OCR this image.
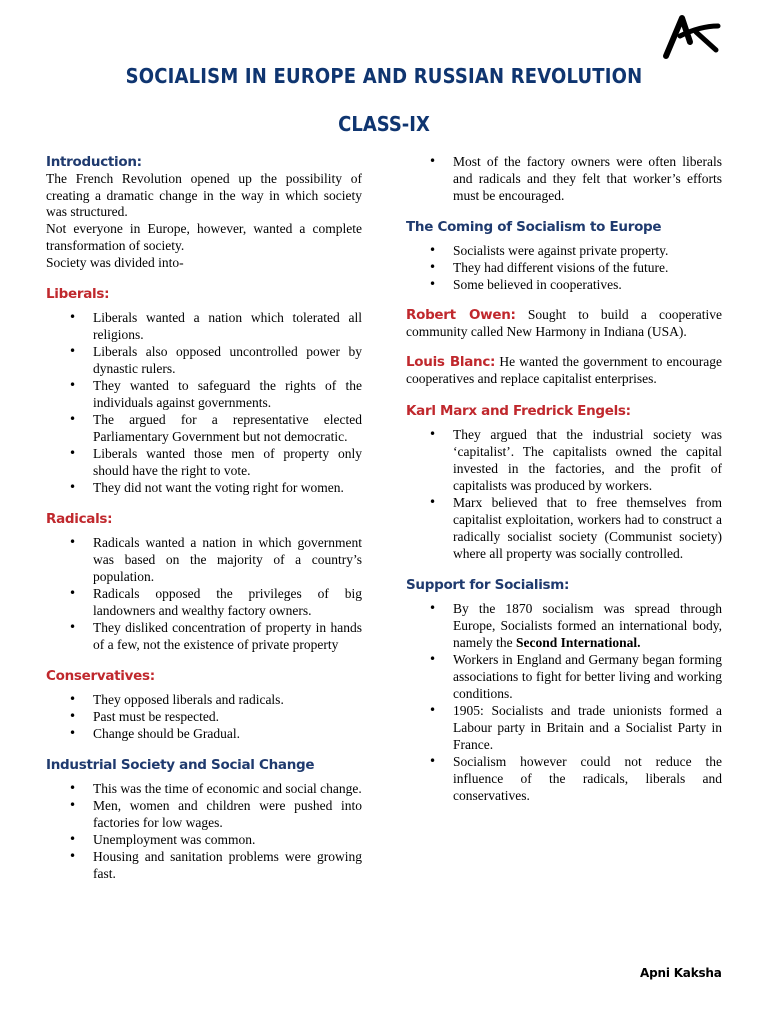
SOCIALISM IN EUROPE AND RUSSIAN REVOLUTION
CLASS-IX
Introduction:
The French Revolution opened up the possibility of creating a dramatic change in the way in which society was structured.
Not everyone in Europe, however, wanted a complete transformation of society.
Society was divided into-
Liberals:
• Liberals wanted a nation which tolerated all religions.
• Liberals also opposed uncontrolled power by dynastic rulers.
• They wanted to safeguard the rights of the individuals against governments.
• The argued for a representative elected Parliamentary Government but not democratic.
• Liberals wanted those men of property only should have the right to vote.
• They did not want the voting right for women.
Radicals:
• Radicals wanted a nation in which government was based on the majority of a country’s population.
• Radicals opposed the privileges of big landowners and wealthy factory owners.
• They disliked concentration of property in hands of a few, not the existence of private property
Conservatives:
• They opposed liberals and radicals.
• Past must be respected.
• Change should be Gradual.
Industrial Society and Social Change
• This was the time of economic and social change.
• Men, women and children were pushed into factories for low wages.
• Unemployment was common.
• Housing and sanitation problems were growing fast.
• Most of the factory owners were often liberals and radicals and they felt that worker’s efforts must be encouraged.
The Coming of Socialism to Europe
• Socialists were against private property.
• They had different visions of the future.
• Some believed in cooperatives.
Robert Owen: Sought to build a cooperative community called New Harmony in Indiana (USA).
Louis Blanc: He wanted the government to encourage cooperatives and replace capitalist enterprises.
Karl Marx and Fredrick Engels:
• They argued that the industrial society was ‘capitalist’. The capitalists owned the capital invested in the factories, and the profit of capitalists was produced by workers.
• Marx believed that to free themselves from capitalist exploitation, workers had to construct a radically socialist society (Communist society) where all property was socially controlled.
Support for Socialism:
• By the 1870 socialism was spread through Europe, Socialists formed an international body, namely the Second International.
• Workers in England and Germany began forming associations to fight for better living and working conditions.
• 1905: Socialists and trade unionists formed a Labour party in Britain and a Socialist Party in France.
• Socialism however could not reduce the influence of the radicals, liberals and conservatives.
Apni Kaksha
